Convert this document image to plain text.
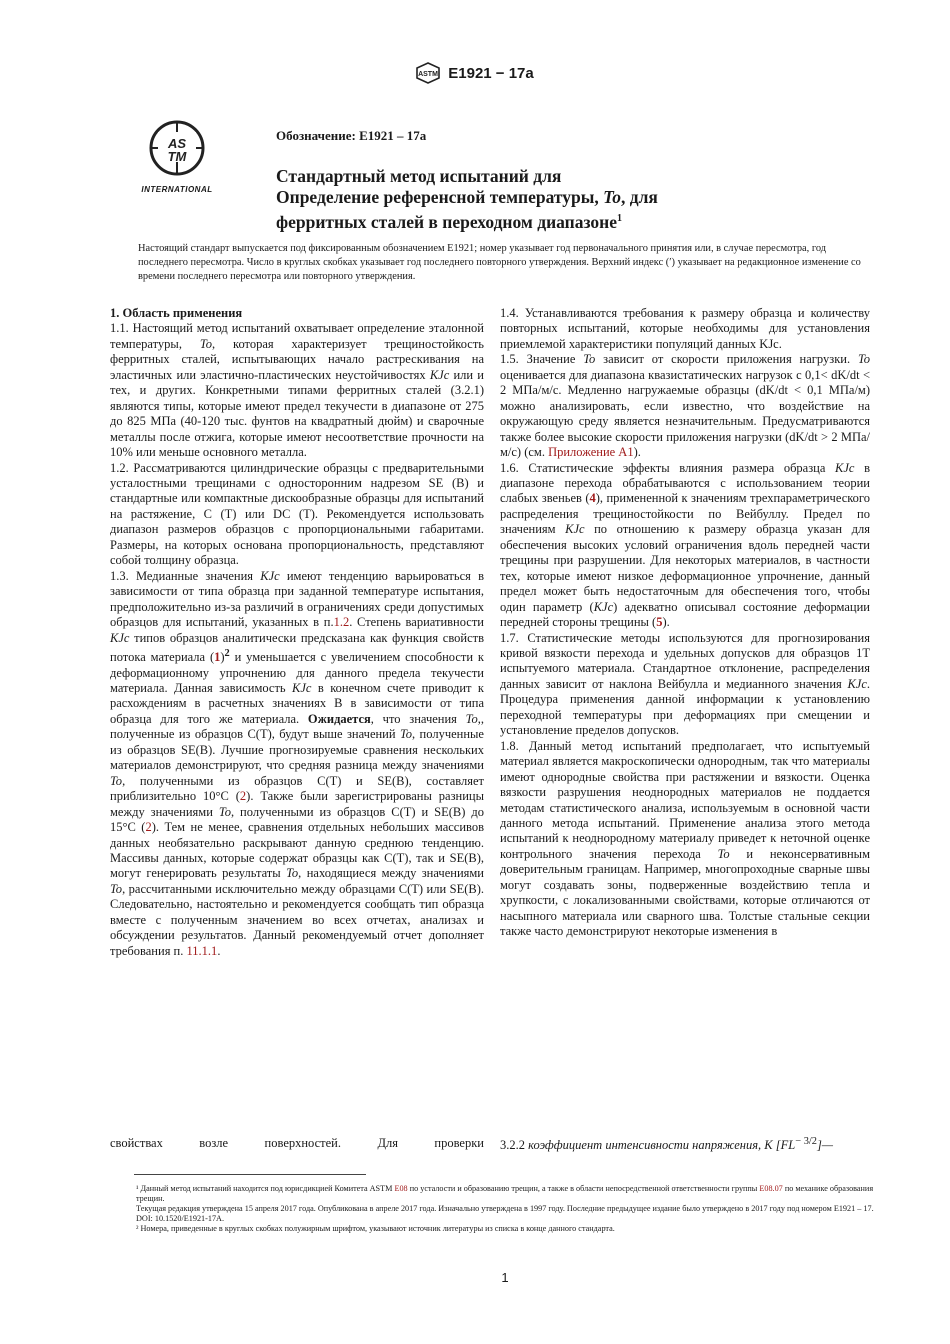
ASTM E1921 − 17a
AS
TM
INTERNATIONAL
Обозначение: E1921 – 17a
Стандартный метод испытаний для
Определение референсной температуры, To, для
ферритных сталей в переходном диапазоне$^1$
Настоящий стандарт выпускается под фиксированным обозначением E1921; номер указывает год первоначального принятия или, в случае пересмотра, год последнего пересмотра. Число в круглых скобках указывает год последнего повторного утверждения. Верхний индекс (ʹ) указывает на редакционное изменение со времени последнего пересмотра или повторного утверждения.

1. Область применения

1.1. Настоящий метод испытаний охватывает определение эталонной температуры, To, которая характеризует трещиностойкость ферритных сталей, испытывающих начало растрескивания на эластичных или эластично-пластических неустойчивостях KJc или и тех, и других. Конкретными типами ферритных сталей (3.2.1) являются типы, которые имеют предел текучести в диапазоне от 275 до 825 МПа (40-120 тыс. фунтов на квадратный дюйм) и сварочные металлы после отжига, которые имеют несоответствие прочности на 10% или меньше основного металла.

1.2. Рассматриваются цилиндрические образцы с предварительными усталостными трещинами с односторонним надрезом SE (B) и стандартные или компактные дискообразные образцы для испытаний на растяжение, C (T) или DC (T). Рекомендуется использовать диапазон размеров образцов с пропорциональными габаритами. Размеры, на которых основана пропорциональность, представляют собой толщину образца.

1.3. Медианные значения KJc имеют тенденцию варьироваться в зависимости от типа образца при заданной температуре испытания, предположительно из-за различий в ограничениях среди допустимых образцов для испытаний, указанных в п.1.2. Степень вариативности KJc типов образцов аналитически предсказана как функция свойств потока материала $(1)^2$ и уменьшается с увеличением способности к деформационному упрочнению для данного предела текучести материала. Данная зависимость KJc в конечном счете приводит к расхождениям в расчетных значениях B в зависимости от типа образца для того же материала. Ожидается, что значения To,, полученные из образцов C(T), будут выше значений To, полученные из образцов SE(B). Лучшие прогнозируемые сравнения нескольких материалов демонстрируют, что средняя разница между значениями To, полученными из образцов C(T) и SE(B), составляет приблизительно 10°C (2). Также были зарегистрированы разницы между значениями To, полученными из образцов C(T) и SE(B) до 15°C (2). Тем не менее, сравнения отдельных небольших массивов данных необязательно раскрывают данную среднюю тенденцию. Массивы данных, которые содержат образцы как C(T), так и SE(B), могут генерировать результаты To, находящиеся между значениями To, рассчитанными исключительно между образцами C(T) или SE(B). Следовательно, настоятельно и рекомендуется сообщать тип образца вместе с полученным значением во всех отчетах, анализах и обсуждении результатов. Данный рекомендуемый отчет дополняет требования п. 11.1.1.

1.4. Устанавливаются требования к размеру образца и количеству повторных испытаний, которые необходимы для установления приемлемой характеристики популяций данных KJc.

1.5. Значение To зависит от скорости приложения нагрузки. To оценивается для диапазона квазистатических нагрузок с 0,1< dK/dt < 2 МПа/м/с. Медленно нагружаемые образцы (dK/dt < 0,1 МПа/м) можно анализировать, если известно, что воздействие на окружающую среду является незначительным. Предусматриваются также более высокие скорости приложения нагрузки (dK/dt > 2 МПа/м/с) (см. Приложение A1).

1.6. Статистические эффекты влияния размера образца KJc в диапазоне перехода обрабатываются с использованием теории слабых звеньев (4), примененной к значениям трехпараметрического распределения трещиностойкости по Вейбуллу. Предел по значениям KJc по отношению к размеру образца указан для обеспечения высоких условий ограничения вдоль передней части трещины при разрушении. Для некоторых материалов, в частности тех, которые имеют низкое деформационное упрочнение, данный предел может быть недостаточным для обеспечения того, чтобы один параметр (KJc) адекватно описывал состояние деформации передней стороны трещины (5).

1.7. Статистические методы используются для прогнозирования кривой вязкости перехода и удельных допусков для образцов 1T испытуемого материала. Стандартное отклонение, распределения данных зависит от наклона Вейбулла и медианного значения KJc. Процедура применения данной информации к установлению переходной температуры при деформациях при смещении и установление пределов допусков.

1.8. Данный метод испытаний предполагает, что испытуемый материал является макроскопически однородным, так что материалы имеют однородные свойства при растяжении и вязкости. Оценка вязкости разрушения неоднородных материалов не поддается методам статистического анализа, используемым в основной части данного метода испытаний. Применение анализа этого метода испытаний к неоднородному материалу приведет к неточной оценке контрольного значения перехода To и неконсервативным доверительным границам. Например, многопроходные сварные швы могут создавать зоны, подверженные воздействию тепла и хрупкости, с локализованными свойствами, которые отличаются от насыпного материала или сварного шва. Толстые стальные секции также часто демонстрируют некоторые изменения в

свойствах возле поверхностей. Для проверки 3.2.2 коэффициент интенсивности напряжения, K $[FL^{- 3/2}]—$

¹ Данный метод испытаний находится под юрисдикцией Комитета ASTM E08 по усталости и образованию трещин, а также в области непосредственной ответственности группы E08.07 по механике образования трещин.

Текущая редакция утверждена 15 апреля 2017 года. Опубликована в апреле 2017 года. Изначально утверждена в 1997 году. Последние предыдущее издание было утверждено в 2017 году под номером E1921 – 17. DOI: 10.1520/E1921-17A.

² Номера, приведенные в круглых скобках полужирным шрифтом, указывают источник литературы из списка в конце данного стандарта.

1
